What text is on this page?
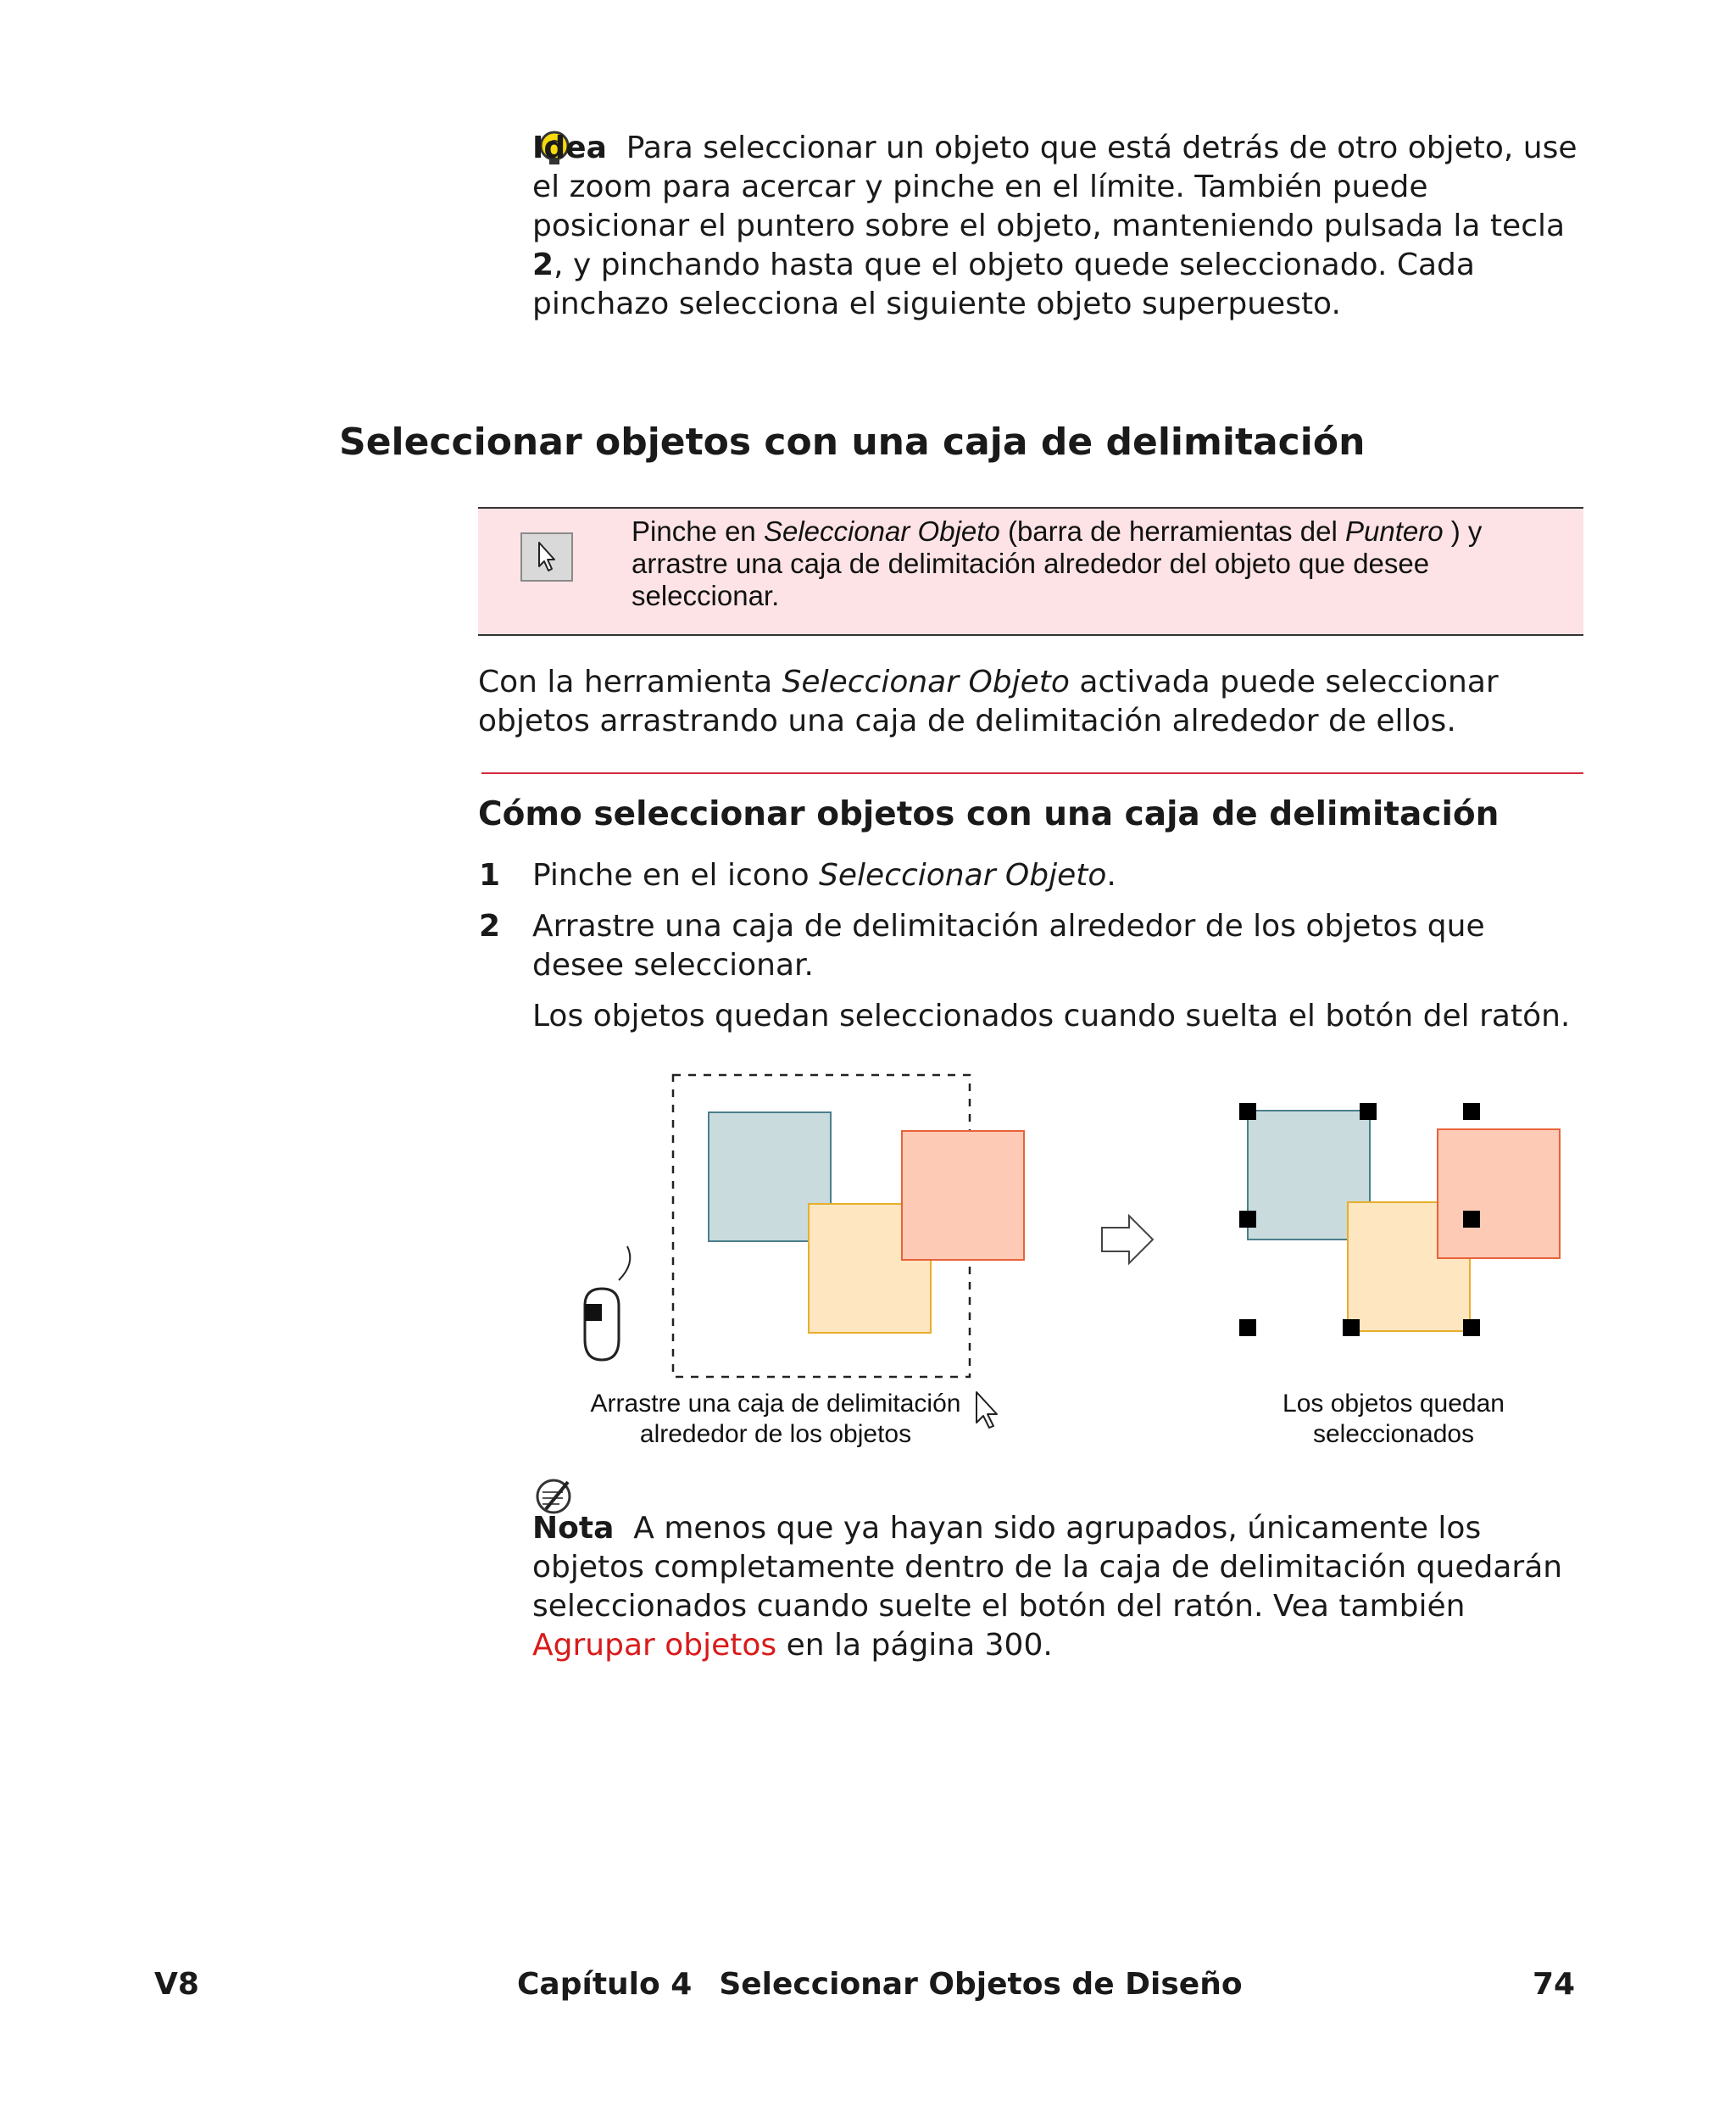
Idea Para seleccionar un objeto que está detrás de otro objeto, use el zoom para acercar y pinche en el límite. También puede posicionar el puntero sobre el objeto, manteniendo pulsada la tecla 2, y pinchando hasta que el objeto quede seleccionado. Cada pinchazo selecciona el siguiente objeto superpuesto.
Seleccionar objetos con una caja de delimitación
Pinche en Seleccionar Objeto (barra de herramientas del Puntero ) y arrastre una caja de delimitación alrededor del objeto que desee seleccionar.
Con la herramienta Seleccionar Objeto activada puede seleccionar objetos arrastrando una caja de delimitación alrededor de ellos.
Cómo seleccionar objetos con una caja de delimitación
1 Pinche en el icono Seleccionar Objeto.
2 Arrastre una caja de delimitación alrededor de los objetos que desee seleccionar.
Los objetos quedan seleccionados cuando suelta el botón del ratón.
Arrastre una caja de delimitación alrededor de los objetos
Los objetos quedan seleccionados
Nota A menos que ya hayan sido agrupados, únicamente los objetos completamente dentro de la caja de delimitación quedarán seleccionados cuando suelte el botón del ratón. Vea también Agrupar objetos en la página 300.
V8	Capítulo 4 Seleccionar Objetos de Diseño	74
